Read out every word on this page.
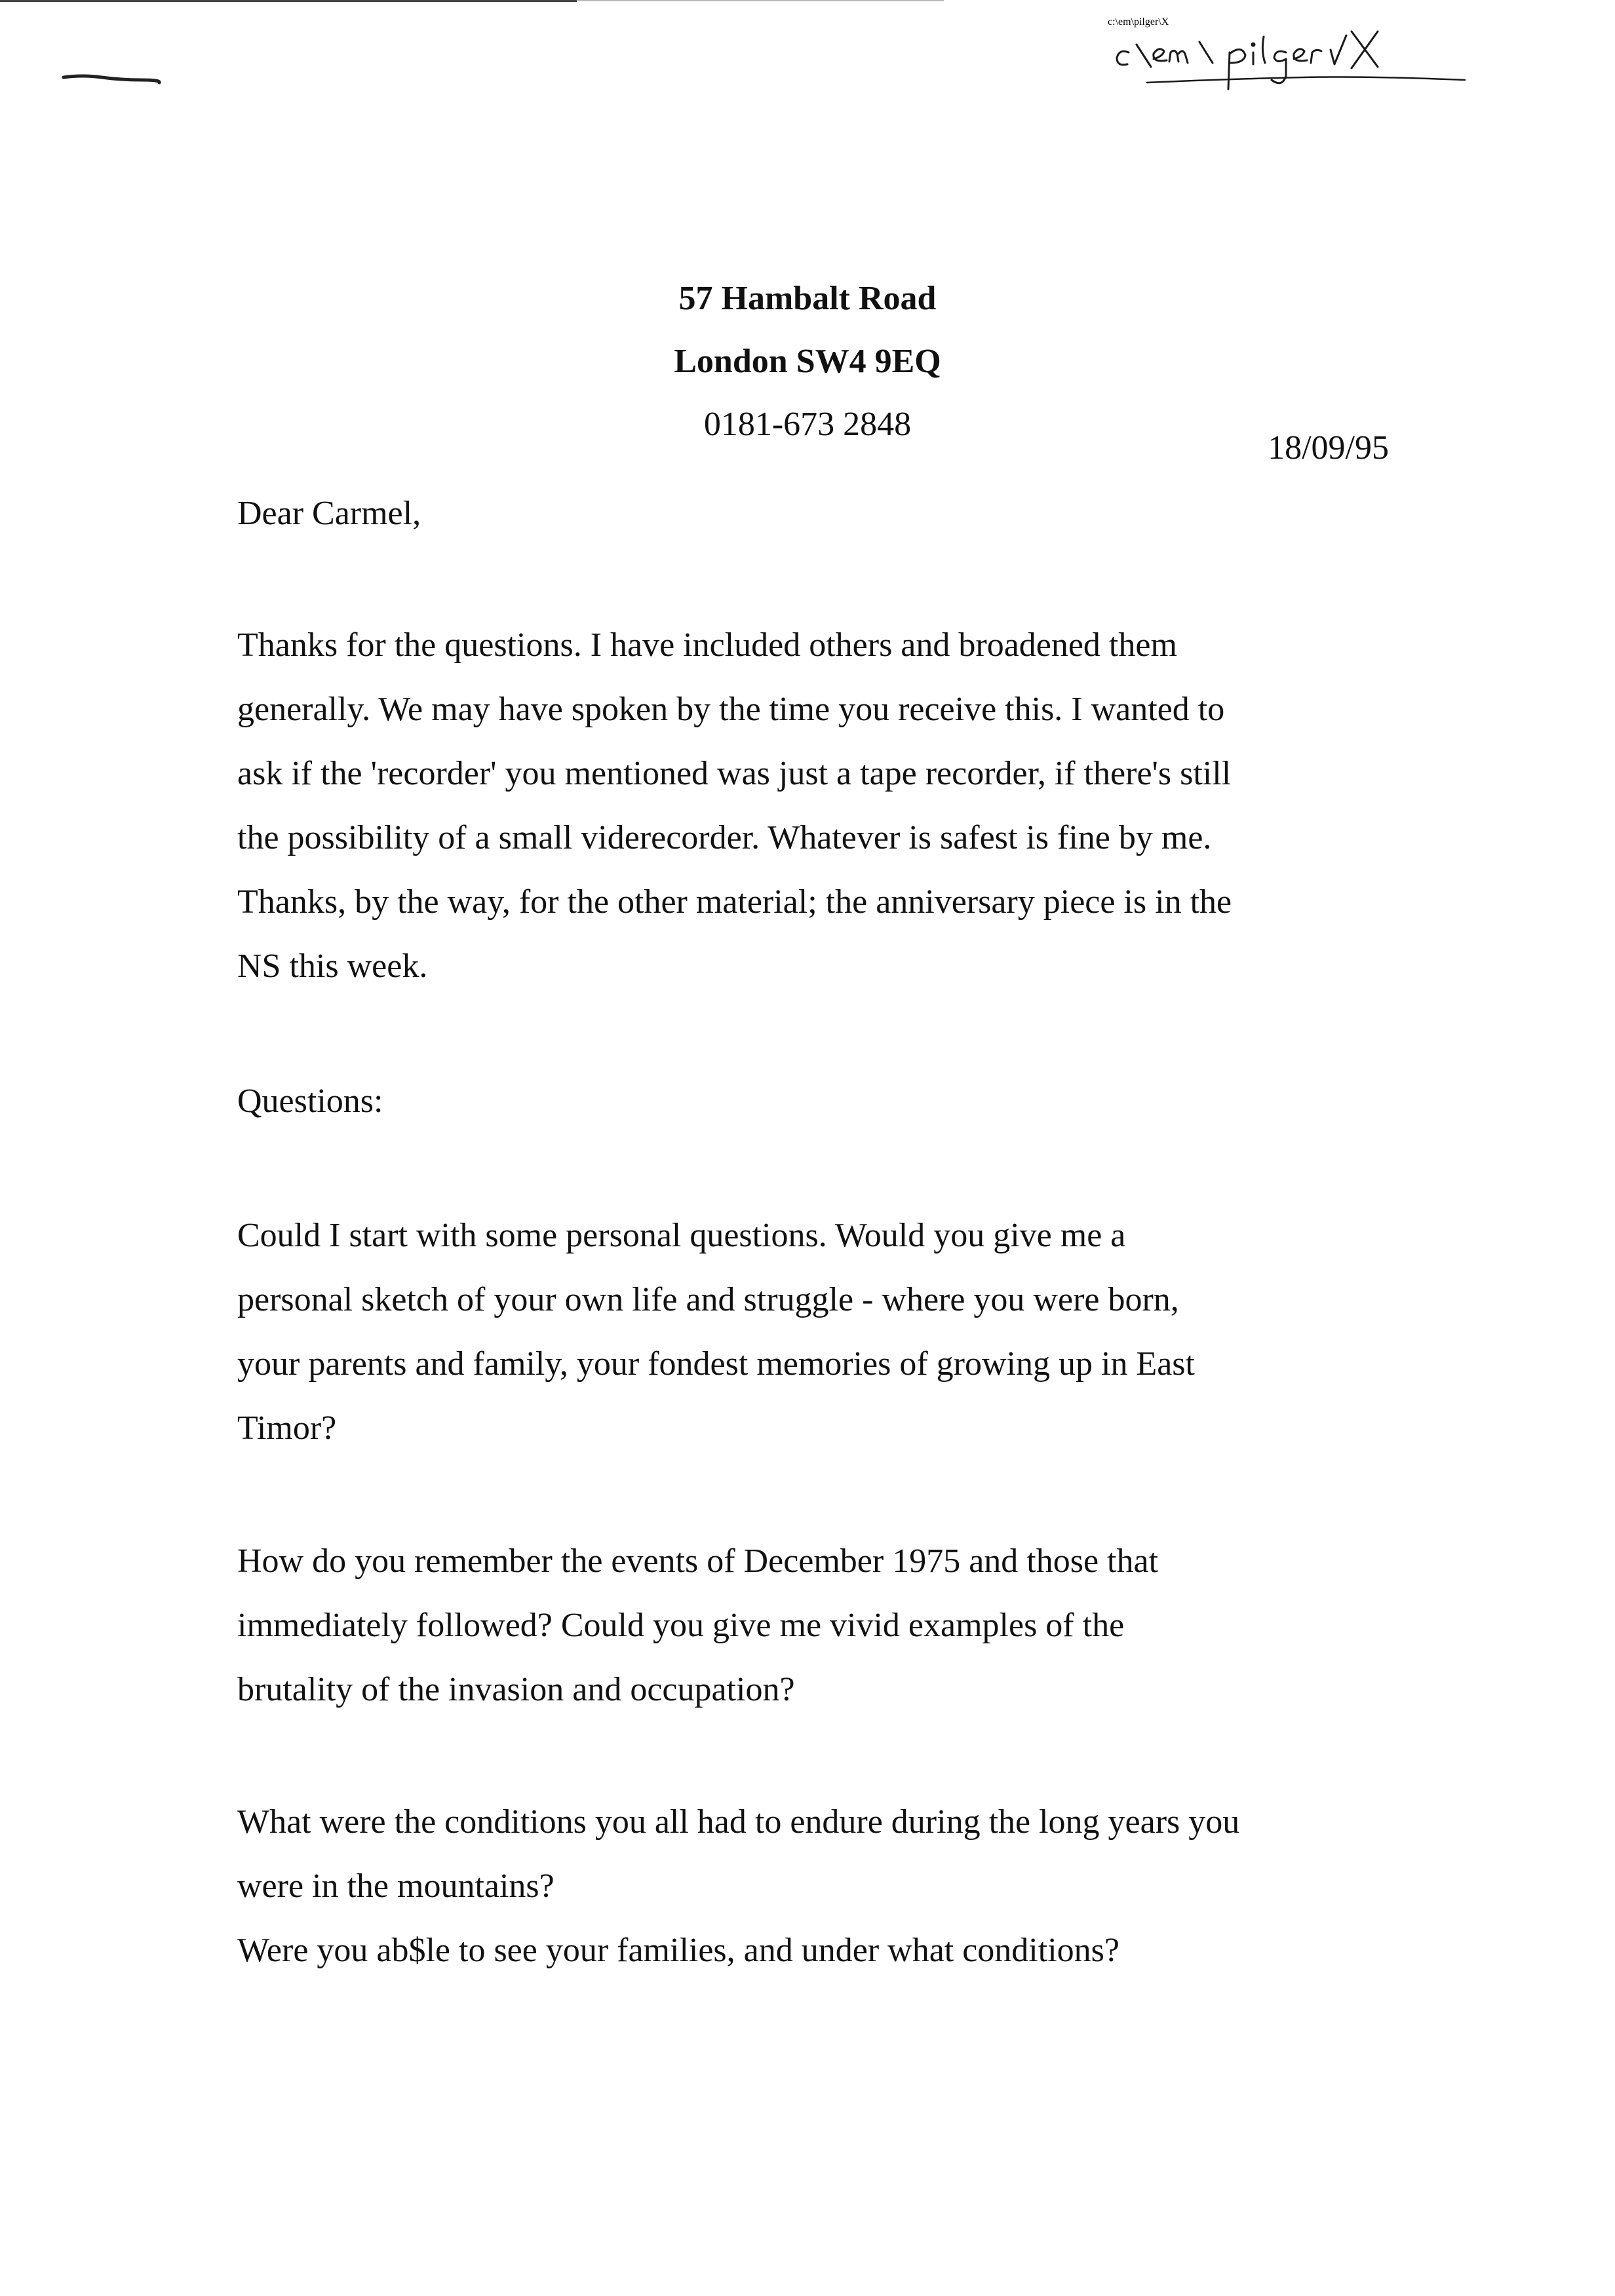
c:\em\pilger\X
57 Hambalt Road
London SW4 9EQ
0181-673 2848
18/09/95
Dear Carmel,
Thanks for the questions. I have included others and broadened them
generally. We may have spoken by the time you receive this. I wanted to
ask if the 'recorder' you mentioned was just a tape recorder, if there's still
the possibility of a small viderecorder. Whatever is safest is fine by me.
Thanks, by the way, for the other material; the anniversary piece is in the
NS this week.
Questions:
Could I start with some personal questions. Would you give me a
personal sketch of your own life and struggle - where you were born,
your parents and family, your fondest memories of growing up in East
Timor?
How do you remember the events of December 1975 and those that
immediately followed? Could you give me vivid examples of the
brutality of the invasion and occupation?
What were the conditions you all had to endure during the long years you
were in the mountains?
Were you ab$le to see your families, and under what conditions?
